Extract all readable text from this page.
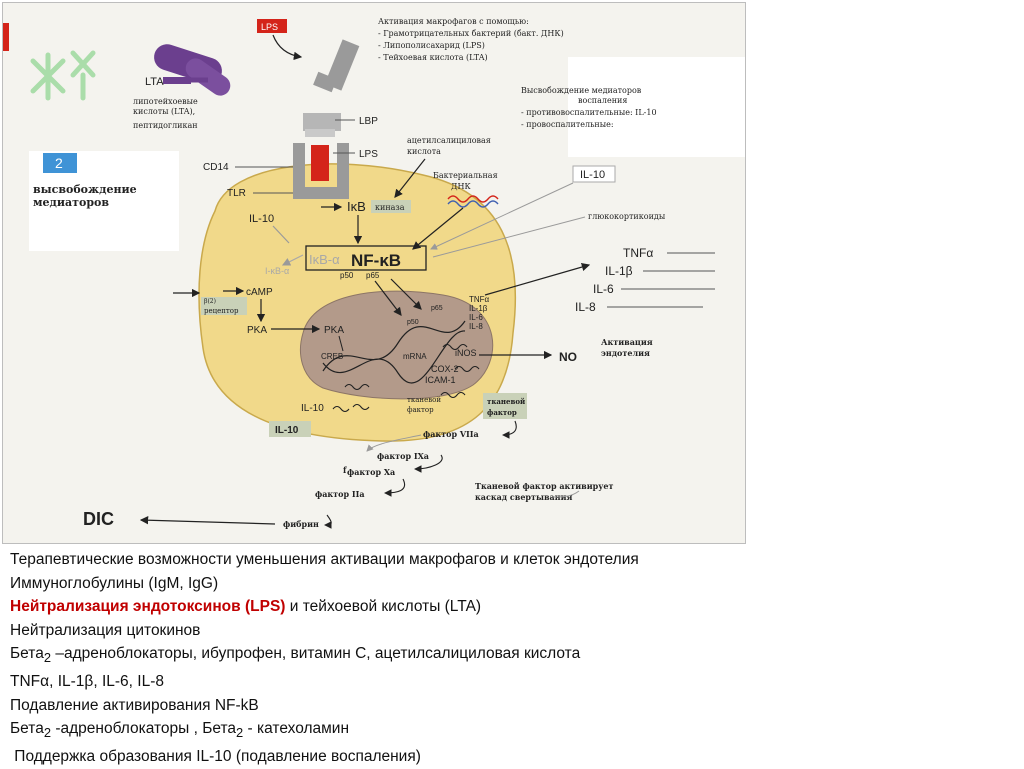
LPS
Активация макрофагов с помощью:
- Грамотрицательных бактерий (бакт. ДНК)
- Липополисахарид (LPS)
- Тейхоевая кислота (LTA)
LTA
липотейхоевые
кислоты (LTA),
пептидогликан	LBP
LPS
CD14
TLR
2
высвобождение
медиаторов
Высвобождение медиаторов
воспаления
- противовоспалительные: IL-10
- провоспалительные:
ацетилсалициловая
кислота
Бактериальная
ДНК
IL-10
глюкокортикоиды
IL-10
IκB киназа
IκB-α NF-κB
p50 p65
I-κB-α
β(2)
рецептор
cAMP
PKA	PKA
CREB	mRNA
p50
p65
TNFα
IL-1β
IL-6
IL-8
iNOS
COX-2
ICAM-1
тканевой
фактор
IL-10
IL-10
TNFα
IL-1β
IL-6
IL-8
NO
Активация
эндотелия
тканевой
фактор
фактор VIIa
фактор IXa
f фактор Xa
фактор IIa
фибрин
Тканевой фактор активирует
каскад свертывания
DIC
Терапевтические возможности уменьшения активации макрофагов и клеток эндотелия
Иммуноглобулины (IgM, IgG)
Нейтрализация эндотоксинов (LPS) и тейхоевой кислоты (LTA)
Нейтрализация цитокинов
Бета$_2$ –адреноблокаторы, ибупрофен, витамин С, ацетилсалициловая кислота
TNFα, IL-1β, IL-6, IL-8
Подавление активирования NF-kB
Бета$_2$ -адреноблокаторы , Бета$_2$ - катехоламин
Поддержка образования IL-10 (подавление воспаления)
